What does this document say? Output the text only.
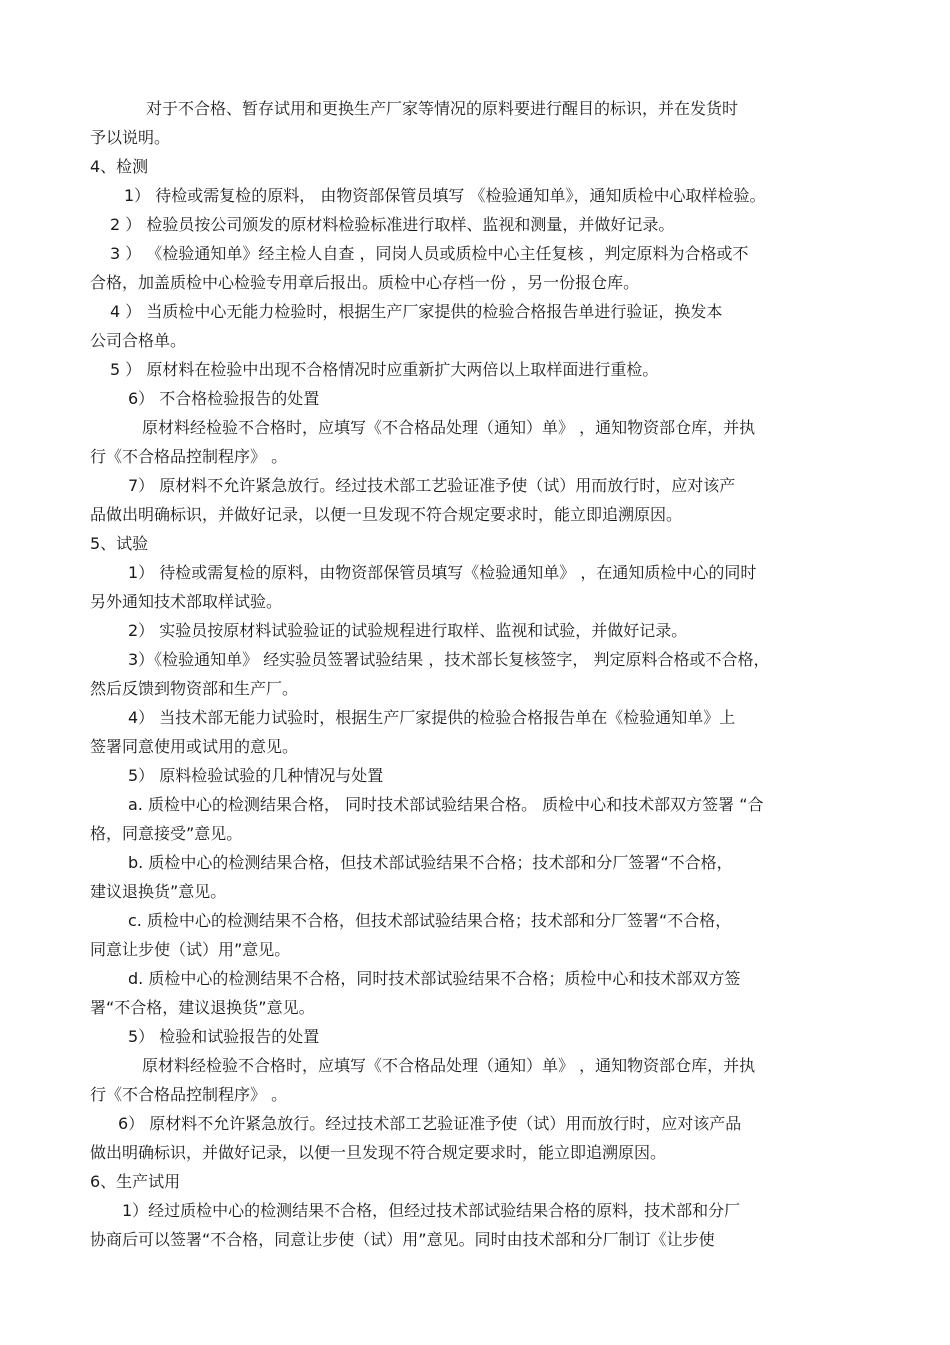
对于不合格、暂存试用和更换生产厂家等情况的原料要进行醒目的标识，并在发货时
予以说明。
4、检测
1） 待检或需复检的原料， 由物资部保管员填写 《检验通知单》，通知质检中心取样检验。
2 ） 检验员按公司颁发的原材料检验标准进行取样、监视和测量，并做好记录。
3 ） 《检验通知单》经主检人自查 ，同岗人员或质检中心主任复核 ，判定原料为合格或不
合格，加盖质检中心检验专用章后报出。质检中心存档一份 ，另一份报仓库。
4 ） 当质检中心无能力检验时，根据生产厂家提供的检验合格报告单进行验证，换发本
公司合格单。
5 ） 原材料在检验中出现不合格情况时应重新扩大两倍以上取样面进行重检。
6） 不合格检验报告的处置
原材料经检验不合格时，应填写《不合格品处理（通知）单》 ，通知物资部仓库，并执
行《不合格品控制程序》 。
7） 原材料不允许紧急放行。经过技术部工艺验证准予使（试）用而放行时，应对该产
品做出明确标识，并做好记录，以便一旦发现不符合规定要求时，能立即追溯原因。
5、试验
1） 待检或需复检的原料，由物资部保管员填写《检验通知单》 ，在通知质检中心的同时
另外通知技术部取样试验。
2） 实验员按原材料试验验证的试验规程进行取样、监视和试验，并做好记录。
3）《检验通知单》 经实验员签署试验结果 ，技术部长复核签字， 判定原料合格或不合格，
然后反馈到物资部和生产厂。
4） 当技术部无能力试验时，根据生产厂家提供的检验合格报告单在《检验通知单》上
签署同意使用或试用的意见。
5） 原料检验试验的几种情况与处置
a. 质检中心的检测结果合格， 同时技术部试验结果合格。 质检中心和技术部双方签署 “合
格，同意接受”意见。
b. 质检中心的检测结果合格，但技术部试验结果不合格；技术部和分厂签署“不合格，
建议退换货”意见。
c. 质检中心的检测结果不合格，但技术部试验结果合格；技术部和分厂签署“不合格，
同意让步使（试）用”意见。
d. 质检中心的检测结果不合格，同时技术部试验结果不合格；质检中心和技术部双方签
署“不合格，建议退换货”意见。
5） 检验和试验报告的处置
原材料经检验不合格时，应填写《不合格品处理（通知）单》 ，通知物资部仓库，并执
行《不合格品控制程序》 。
6） 原材料不允许紧急放行。经过技术部工艺验证准予使（试）用而放行时，应对该产品
做出明确标识，并做好记录，以便一旦发现不符合规定要求时，能立即追溯原因。
6、生产试用
1）经过质检中心的检测结果不合格，但经过技术部试验结果合格的原料，技术部和分厂
协商后可以签署“不合格，同意让步使（试）用”意见。同时由技术部和分厂制订《让步使
